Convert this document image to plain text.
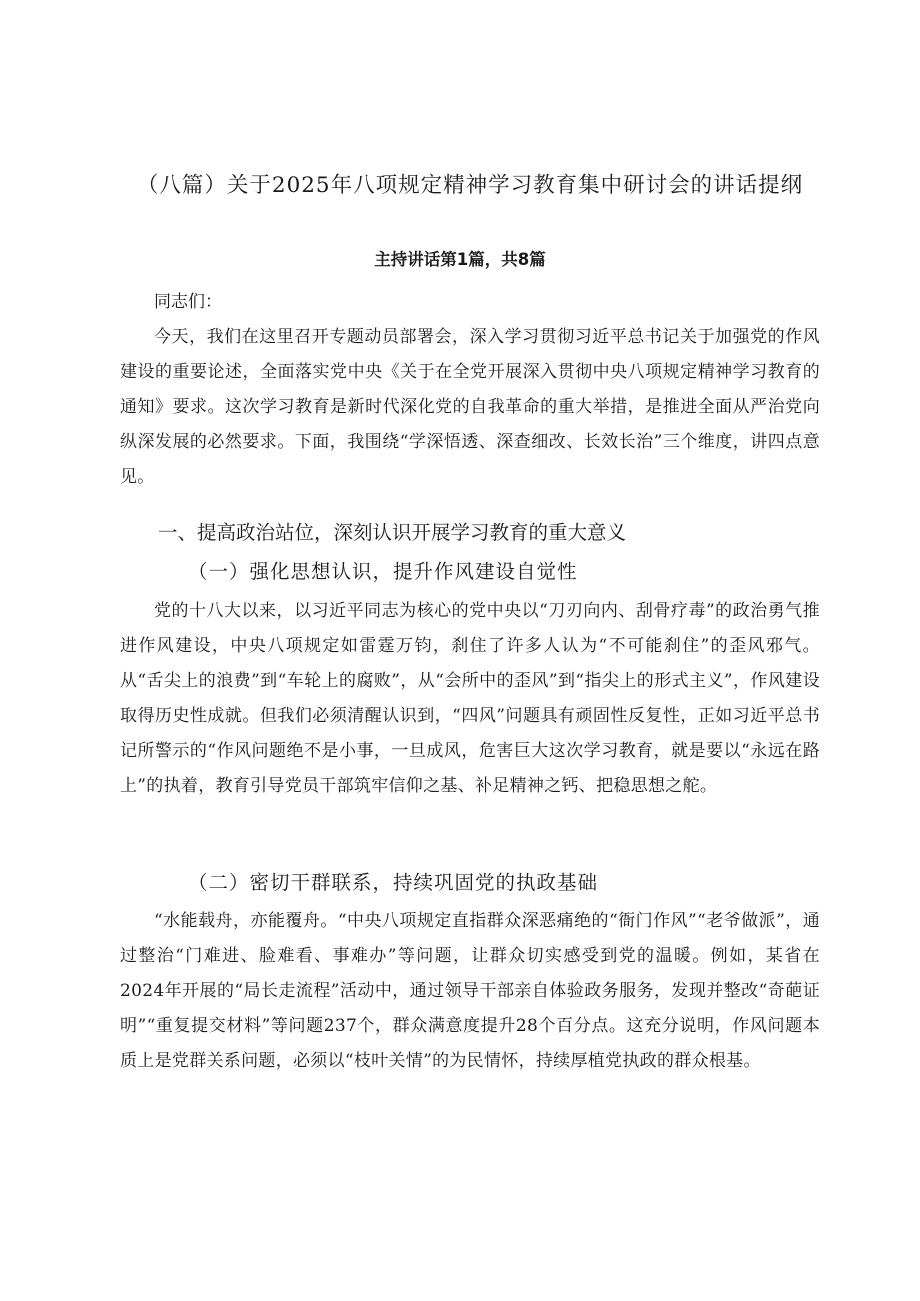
（八篇）关于2025年八项规定精神学习教育集中研讨会的讲话提纲
主持讲话第1篇，共8篇

同志们：

今天，我们在这里召开专题动员部署会，深入学习贯彻习近平总书记关于加强党的作风建设的重要论述，全面落实党中央《关于在全党开展深入贯彻中央八项规定精神学习教育的通知》要求。这次学习教育是新时代深化党的自我革命的重大举措，是推进全面从严治党向纵深发展的必然要求。下面，我围绕“学深悟透、深查细改、长效长治”三个维度，讲四点意见。

一、提高政治站位，深刻认识开展学习教育的重大意义
（一）强化思想认识，提升作风建设自觉性

党的十八大以来，以习近平同志为核心的党中央以“刀刃向内、刮骨疗毒”的政治勇气推进作风建设，中央八项规定如雷霆万钧，刹住了许多人认为“不可能刹住”的歪风邪气。从“舌尖上的浪费”到“车轮上的腐败”，从“会所中的歪风”到“指尖上的形式主义”，作风建设取得历史性成就。但我们必须清醒认识到，“四风”问题具有顽固性反复性，正如习近平总书记所警示的“作风问题绝不是小事，一旦成风，危害巨大这次学习教育，就是要以“永远在路上”的执着，教育引导党员干部筑牢信仰之基、补足精神之钙、把稳思想之舵。

（二）密切干群联系，持续巩固党的执政基础

“水能载舟，亦能覆舟。“中央八项规定直指群众深恶痛绝的“衙门作风”“老爷做派”，通过整治“门难进、脸难看、事难办”等问题，让群众切实感受到党的温暖。例如，某省在2024年开展的“局长走流程”活动中，通过领导干部亲自体验政务服务，发现并整改“奇葩证明”“重复提交材料”等问题237个，群众满意度提升28个百分点。这充分说明，作风问题本质上是党群关系问题，必须以“枝叶关情”的为民情怀，持续厚植党执政的群众根基。
